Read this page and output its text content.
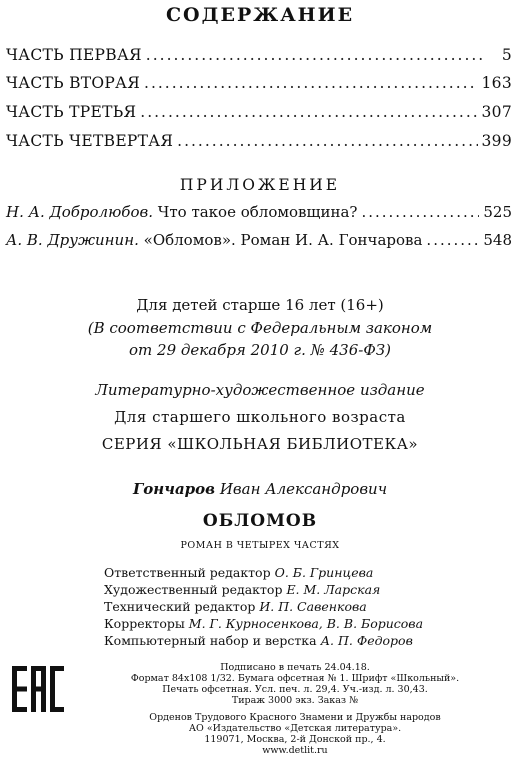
СОДЕРЖАНИЕ
ЧАСТЬ ПЕРВАЯ .....	5
ЧАСТЬ ВТОРАЯ .....	163
ЧАСТЬ ТРЕТЬЯ .....	307
ЧАСТЬ ЧЕТВЕРТАЯ .....	399
ПРИЛОЖЕНИЕ
Н. А. Добролюбов.
Что такое обломовщина? .....	525
А. В. Дружинин.
«Обломов». Роман И. А. Гончарова .....	548
Для детей старше 16 лет (16+)
(В соответствии с Федеральным законом
от 29 декабря 2010 г. № 436-ФЗ)
Литературно-художественное издание
Для старшего школьного возраста
СЕРИЯ «ШКОЛЬНАЯ БИБЛИОТЕКА»
Гончаров Иван Александрович
ОБЛОМОВ
РОМАН В ЧЕТЫРЕХ ЧАСТЯХ
Ответственный редактор О. Б. Гринцева
Художественный редактор Е. М. Ларская
Технический редактор И. П. Савенкова
Корректоры М. Г. Курносенкова, В. В. Борисова
Компьютерный набор и верстка А. П. Федоров
Подписано в печать 24.04.18.
Формат 84x108 1/32. Бумага офсетная № 1. Шрифт «Школьный».
Печать офсетная. Усл. печ. л. 29,4. Уч.-изд. л. 30,43.
Тираж 3000 экз. Заказ №
Орденов Трудового Красного Знамени и Дружбы народов
АО «Издательство «Детская литература».
119071, Москва, 2-й Донской пр., 4.
www.detlit.ru
